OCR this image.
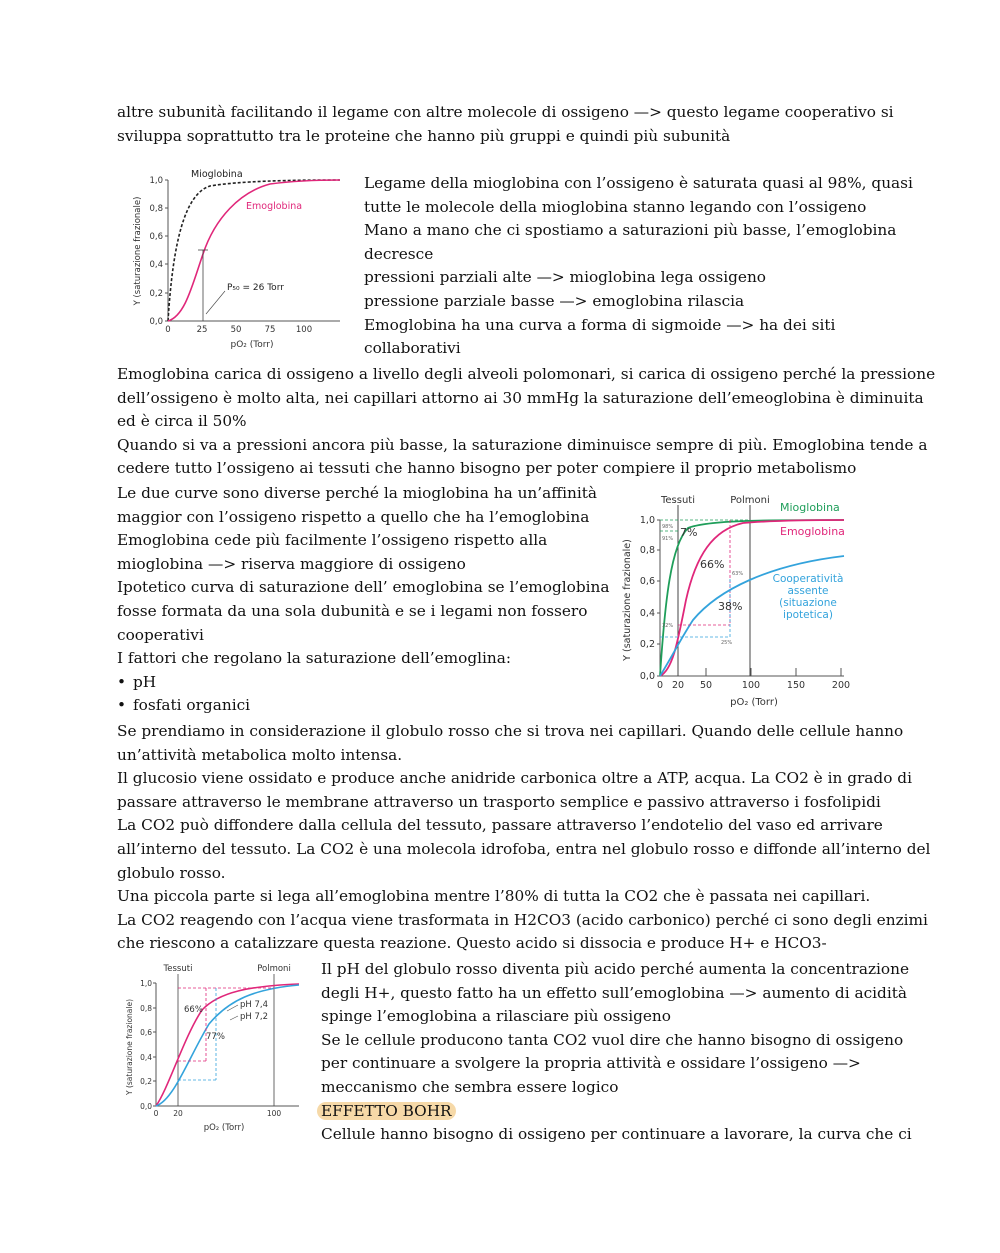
altre subunità facilitando il legame con altre molecole di ossigeno —> questo legame cooperativo si
sviluppa soprattutto tra le proteine che hanno più gruppi e quindi più subunità
0,0
0,2
0,4
0,6
0,8
1,0
0	25	50	75 100
pO₂ (Torr)
Y (saturazione frazionale)
Mioglobina
Emoglobina
P₅₀ = 26 Torr
Legame della mioglobina con l’ossigeno è saturata quasi al 98%, quasi
tutte le molecole della mioglobina stanno legando con l’ossigeno
Mano a mano che ci spostiamo a saturazioni più basse, l’emoglobina
decresce
pressioni parziali alte —> mioglobina lega ossigeno
pressione parziale basse —> emoglobina rilascia
Emoglobina ha una curva a forma di sigmoide —> ha dei siti
collaborativi
Emoglobina carica di ossigeno a livello degli alveoli polomonari, si carica di ossigeno perché la pressione
dell’ossigeno è molto alta, nei capillari attorno ai 30 mmHg la saturazione dell’emeoglobina è diminuita
ed è circa il 50%
Quando si va a pressioni ancora più basse, la saturazione diminuisce sempre di più. Emoglobina tende a
cedere tutto l’ossigeno ai tessuti che hanno bisogno per poter compiere il proprio metabolismo
Le due curve sono diverse perché la mioglobina ha un’affinità
maggior con l’ossigeno rispetto a quello che ha l’emoglobina
Emoglobina cede più facilmente l’ossigeno rispetto alla
mioglobina —> riserva maggiore di ossigeno
Ipotetico curva di saturazione dell’ emoglobina se l’emoglobina
fosse formata da una sola dubunità e se i legami non fossero
cooperativi
I fattori che regolano la saturazione dell’emoglina:
• pH
• fosfati organici
0,0
0,2
0,4
0,6
0,8
1,0
0 20 50	100	150	200
pO₂ (Torr)
Y (saturazione frazionale)
Tessuti	Polmoni
7%
66%
38%
98%
91%
63%
32%
25%
Mioglobina
Emoglobina
Cooperatività
assente
(situazione
ipotetica)
Se prendiamo in considerazione il globulo rosso che si trova nei capillari. Quando delle cellule hanno
un’attività metabolica molto intensa.
Il glucosio viene ossidato e produce anche anidride carbonica oltre a ATP, acqua. La CO2 è in grado di
passare attraverso le membrane attraverso un trasporto semplice e passivo attraverso i fosfolipidi
La CO2 può diffondere dalla cellula del tessuto, passare attraverso l’endotelio del vaso ed arrivare
all’interno del tessuto. La CO2 è una molecola idrofoba, entra nel globulo rosso e diffonde all’interno del
globulo rosso.
Una piccola parte si lega all’emoglobina mentre l’80% di tutta la CO2 che è passata nei capillari.
La CO2 reagendo con l’acqua viene trasformata in H2CO3 (acido carbonico) perché ci sono degli enzimi
che riescono a catalizzare questa reazione. Questo acido si dissocia e produce H+ e HCO3-
0,0
0,2
0,4
0,6
0,8
1,0
0 20	100
pO₂ (Torr)
Y (saturazione frazionale)
Tessuti	Polmoni
66%
77%
pH 7,4
pH 7,2
Il pH del globulo rosso diventa più acido perché aumenta la concentrazione
degli H+, questo fatto ha un effetto sull’emoglobina —> aumento di acidità
spinge l’emoglobina a rilasciare più ossigeno
Se le cellule producono tanta CO2 vuol dire che hanno bisogno di ossigeno
per continuare a svolgere la propria attività e ossidare l’ossigeno —>
meccanismo che sembra essere logico
EFFETTO BOHR
Cellule hanno bisogno di ossigeno per continuare a lavorare, la curva che ci
